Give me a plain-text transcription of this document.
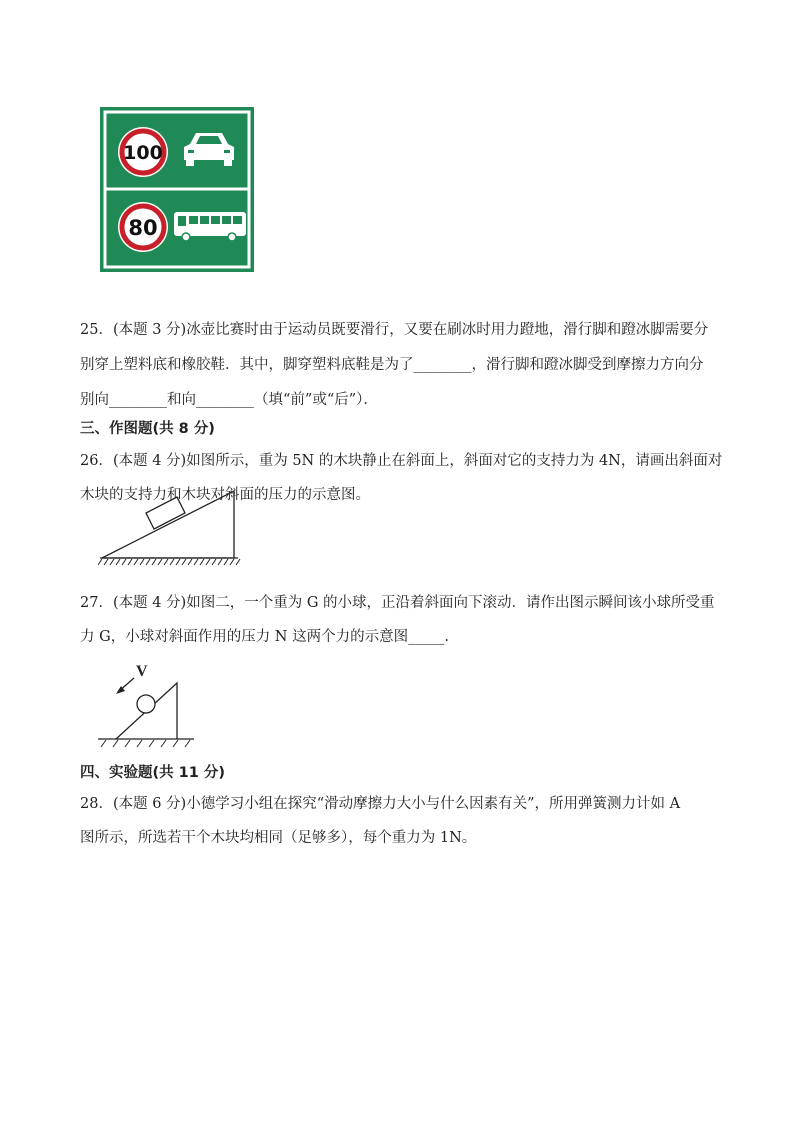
100
80
25．(本题 3 分)冰壶比赛时由于运动员既要滑行，又要在刷冰时用力蹬地，滑行脚和蹬冰脚需要分
别穿上塑料底和橡胶鞋．其中，脚穿塑料底鞋是为了________，滑行脚和蹬冰脚受到摩擦力方向分
别向________和向________（填“前”或“后”）．
三、作图题(共 8 分)
26．(本题 4 分)如图所示，重为 5N 的木块静止在斜面上，斜面对它的支持力为 4N，请画出斜面对
木块的支持力和木块对斜面的压力的示意图。
27．(本题 4 分)如图二，一个重为 G 的小球，正沿着斜面向下滚动．请作出图示瞬间该小球所受重
力 G，小球对斜面作用的压力 N 这两个力的示意图_____.
V
四、实验题(共 11 分)
28．(本题 6 分)小德学习小组在探究“滑动摩擦力大小与什么因素有关”，所用弹簧测力计如 A
图所示，所选若干个木块均相同（足够多），每个重力为 1N。
